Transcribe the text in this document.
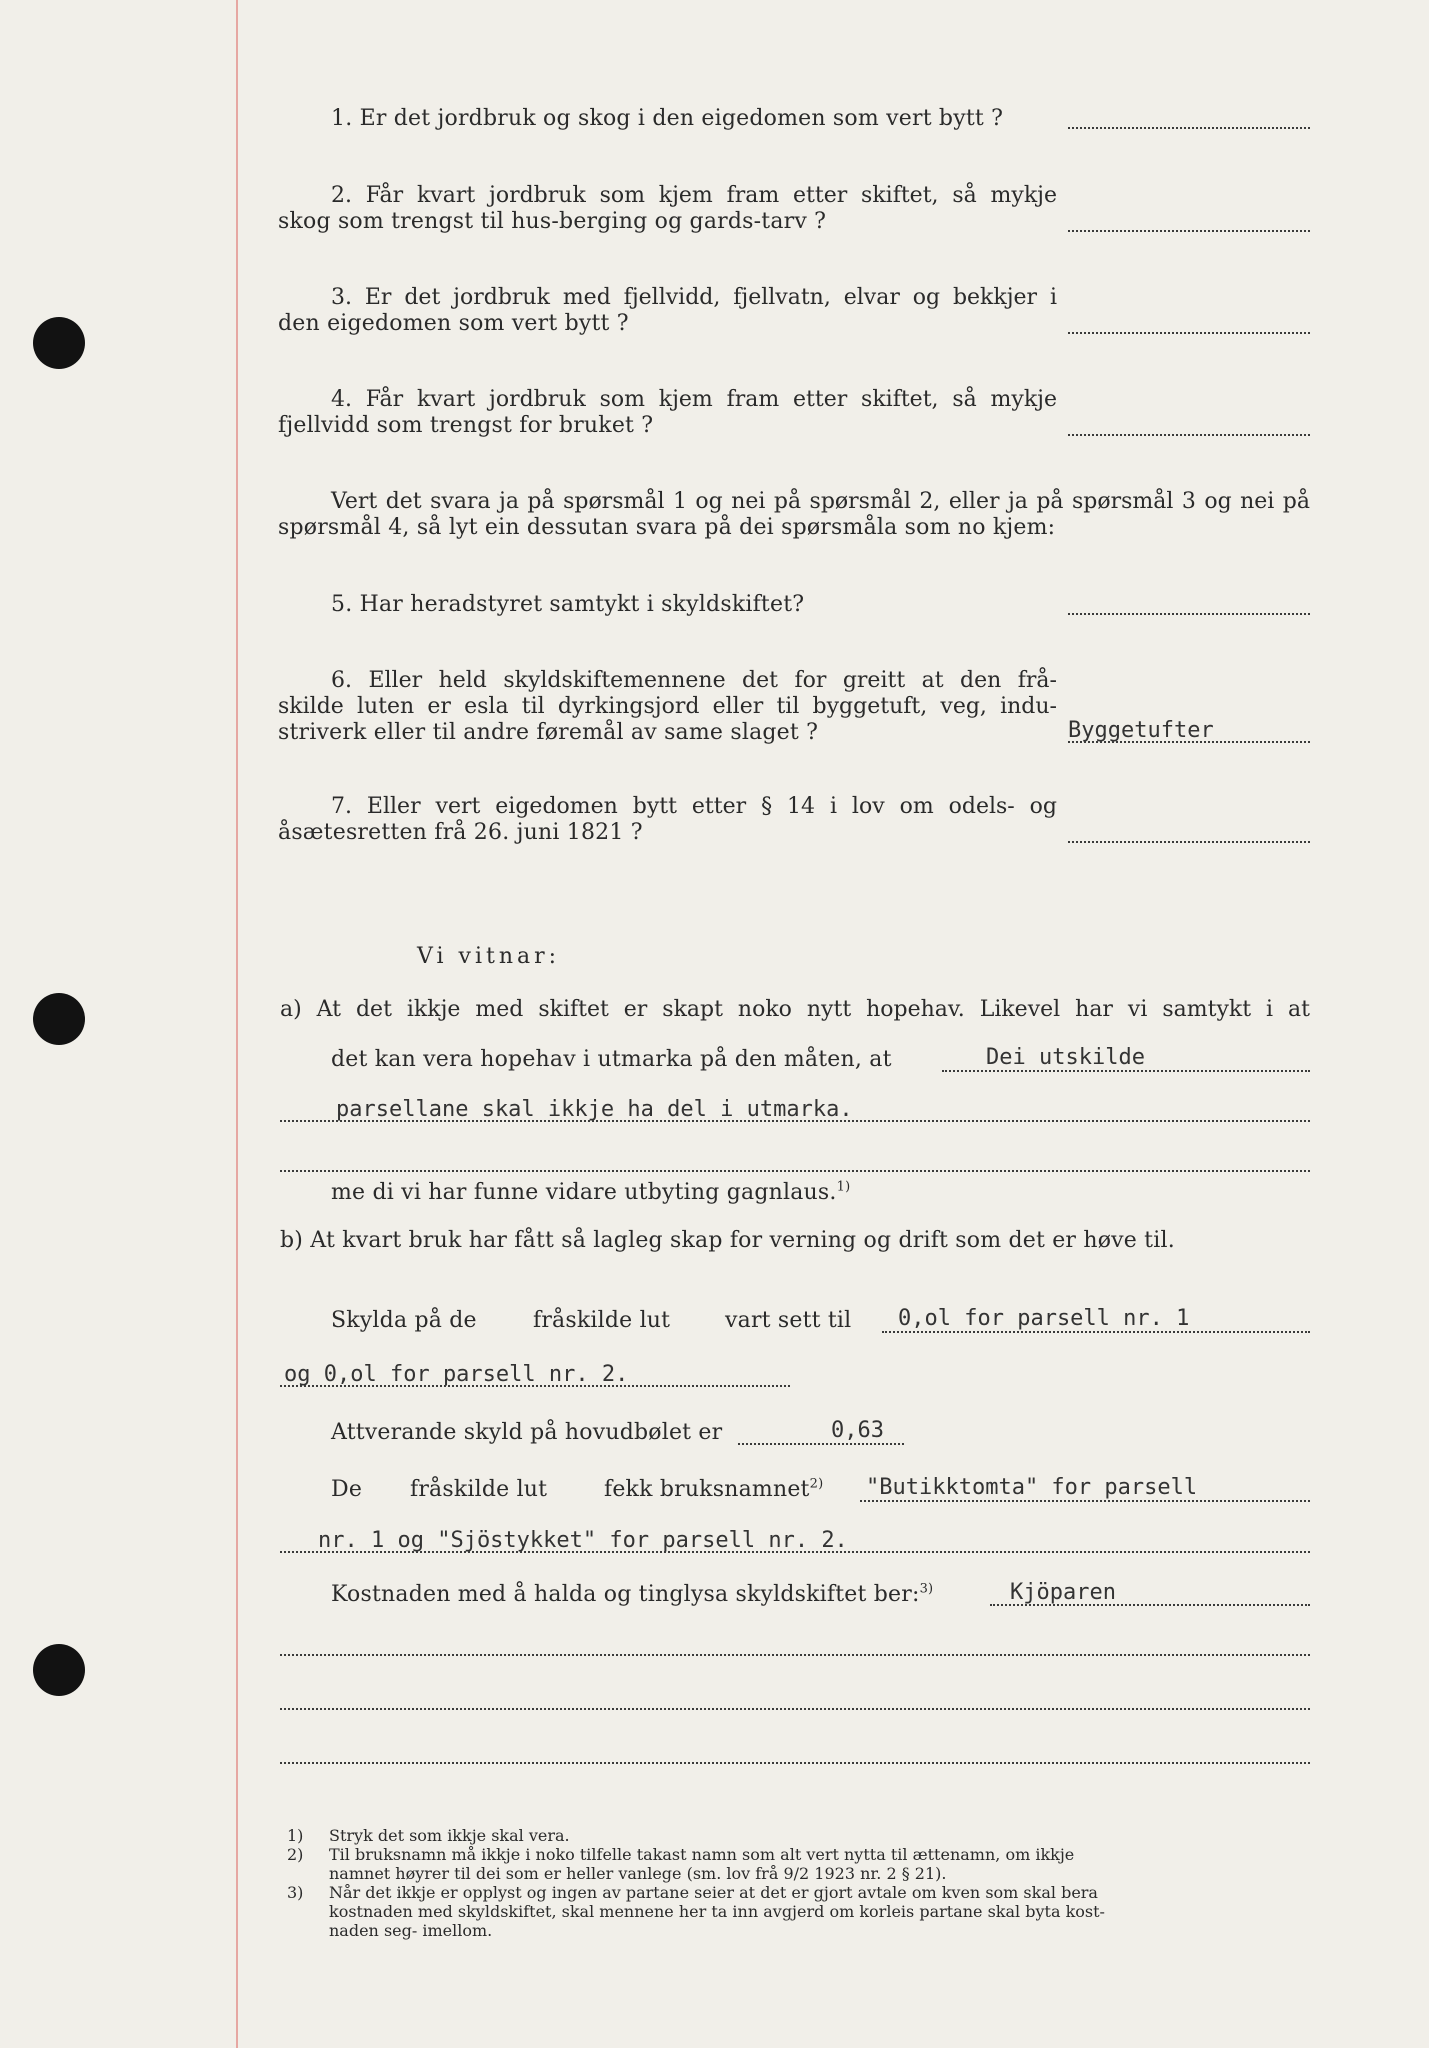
1. Er det jordbruk og skog i den eigedomen som vert bytt ?
2. Får kvart jordbruk som kjem fram etter skiftet, så mykje
skog som trengst til hus-berging og gards-tarv ?
3. Er det jordbruk med fjellvidd, fjellvatn, elvar og bekkjer i
den eigedomen som vert bytt ?
4. Får kvart jordbruk som kjem fram etter skiftet, så mykje
fjellvidd som trengst for bruket ?
Vert det svara ja på spørsmål 1 og nei på spørsmål 2, eller ja på spørsmål 3 og nei på
spørsmål 4, så lyt ein dessutan svara på dei spørsmåla som no kjem:
5. Har heradstyret samtykt i skyldskiftet?
6. Eller held skyldskiftemennene det for greitt at den frå-
skilde luten er esla til dyrkingsjord eller til byggetuft, veg, indu-
striverk eller til andre føremål av same slaget ?	Byggetufter
7. Eller vert eigedomen bytt etter § 14 i lov om odels- og
åsætesretten frå 26. juni 1821 ?
Vi vitnar:
a) At det ikkje med skiftet er skapt noko nytt hopehav. Likevel har vi samtykt i at
det kan vera hopehav i utmarka på den måten, at	Dei utskilde
parsellane skal ikkje ha del i utmarka.
me di vi har funne vidare utbyting gagnlaus.$^{1)}$
b) At kvart bruk har fått så lagleg skap for verning og drift som det er høve til.
Skylda på de	fråskilde lut vart sett til 0,ol for parsell nr. 1
og 0,ol for parsell nr. 2.
Attverande skyld på hovudbølet er	0,63
De fråskilde lut	fekk bruksnamnet$^{2)}$ "Butikktomta" for parsell
nr. 1 og "Sjöstykket" for parsell nr. 2.
Kostnaden med å halda og tinglysa skyldskiftet ber:$^{3)}$	Kjöparen
1) Stryk det som ikkje skal vera.
2) Til bruksnamn må ikkje i noko tilfelle takast namn som alt vert nytta til ættenamn, om ikkje
namnet høyrer til dei som er heller vanlege (sm. lov frå 9/2 1923 nr. 2 § 21).
3) Når det ikkje er opplyst og ingen av partane seier at det er gjort avtale om kven som skal bera
kostnaden med skyldskiftet, skal mennene her ta inn avgjerd om korleis partane skal byta kost-
naden seg- imellom.
